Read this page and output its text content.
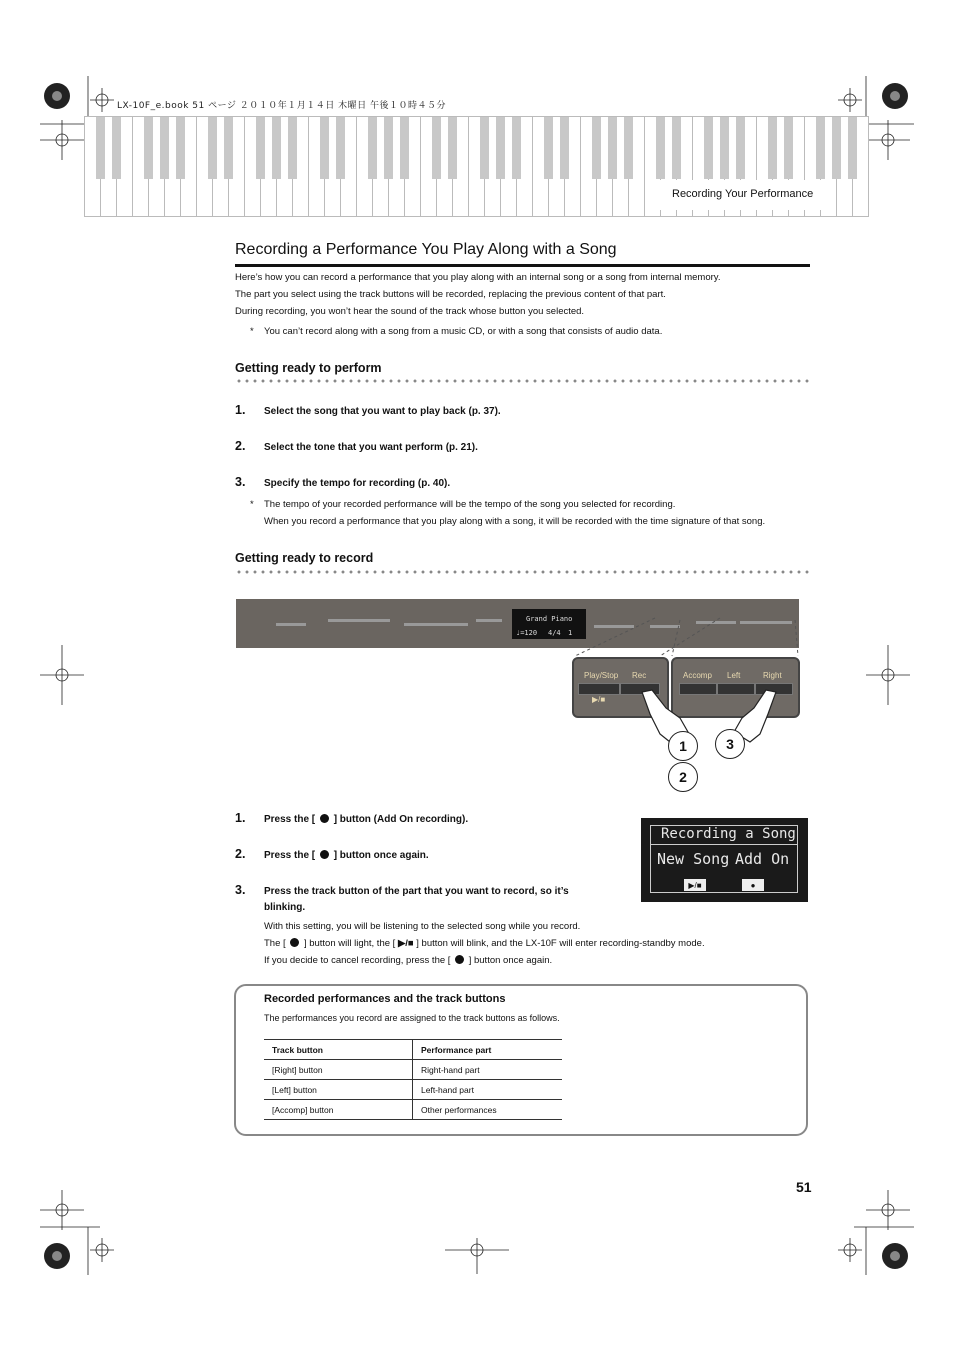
LX-10F_e.book 51 ページ ２０１０年１月１４日 木曜日 午後１０時４５分
Recording Your Performance
Recording a Performance You Play Along with a Song
Here’s how you can record a performance that you play along with an internal song or a song from internal memory.
The part you select using the track buttons will be recorded, replacing the previous content of that part.
During recording, you won’t hear the sound of the track whose button you selected.
* You can’t record along with a song from a music CD, or with a song that consists of audio data.
Getting ready to perform
1. Select the song that you want to play back (p. 37).
2. Select the tone that you want perform (p. 21).
3. Specify the tempo for recording (p. 40).
* The tempo of your recorded performance will be the tempo of the song you selected for recording.
When you record a performance that you play along with a song, it will be recorded with the time signature of that song.
Getting ready to record
Grand Piano
♩=120 4/4 1
Play/Stop Rec
▶/■
Accomp Left	Right
1
2
3
1. Press the [ ] button (Add On recording).
2. Press the [ ] button once again.
3. Press the track button of the part that you want to record, so it’s
blinking.
With this setting, you will be listening to the selected song while you record.
The [ ] button will light, the [ ▶/■ ] button will blink, and the LX-10F will enter recording-standby mode.
If you decide to cancel recording, press the [ ] button once again.
Recording a Song
New Song Add On
▶/■	●
Recorded performances and the track buttons
The performances you record are assigned to the track buttons as follows.
Track button	Performance part
[Right] button	Right-hand part
[Left] button	Left-hand part
[Accomp] button	Other performances
51
